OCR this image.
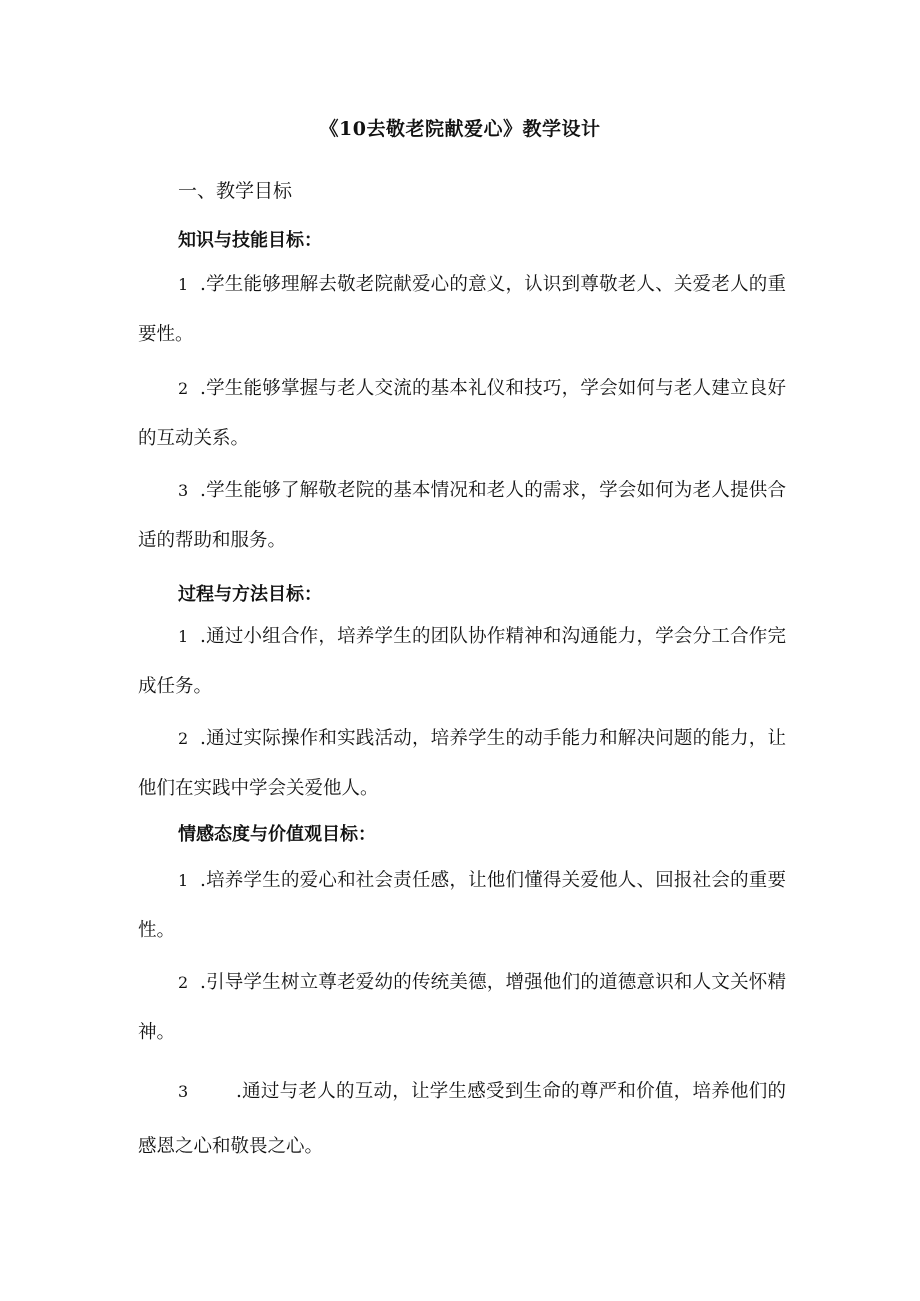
《10去敬老院献爱心》教学设计
一、教学目标
知识与技能目标：
1 .学生能够理解去敬老院献爱心的意义，认识到尊敬老人、关爱老人的重要性。
2 .学生能够掌握与老人交流的基本礼仪和技巧，学会如何与老人建立良好的互动关系。
3 .学生能够了解敬老院的基本情况和老人的需求，学会如何为老人提供合适的帮助和服务。
过程与方法目标：
1 .通过小组合作，培养学生的团队协作精神和沟通能力，学会分工合作完成任务。
2 .通过实际操作和实践活动，培养学生的动手能力和解决问题的能力，让他们在实践中学会关爱他人。
情感态度与价值观目标：
1 .培养学生的爱心和社会责任感，让他们懂得关爱他人、回报社会的重要性。
2 .引导学生树立尊老爱幼的传统美德，增强他们的道德意识和人文关怀精神。
3	.通过与老人的互动，让学生感受到生命的尊严和价值，培养他们的感恩之心和敬畏之心。
